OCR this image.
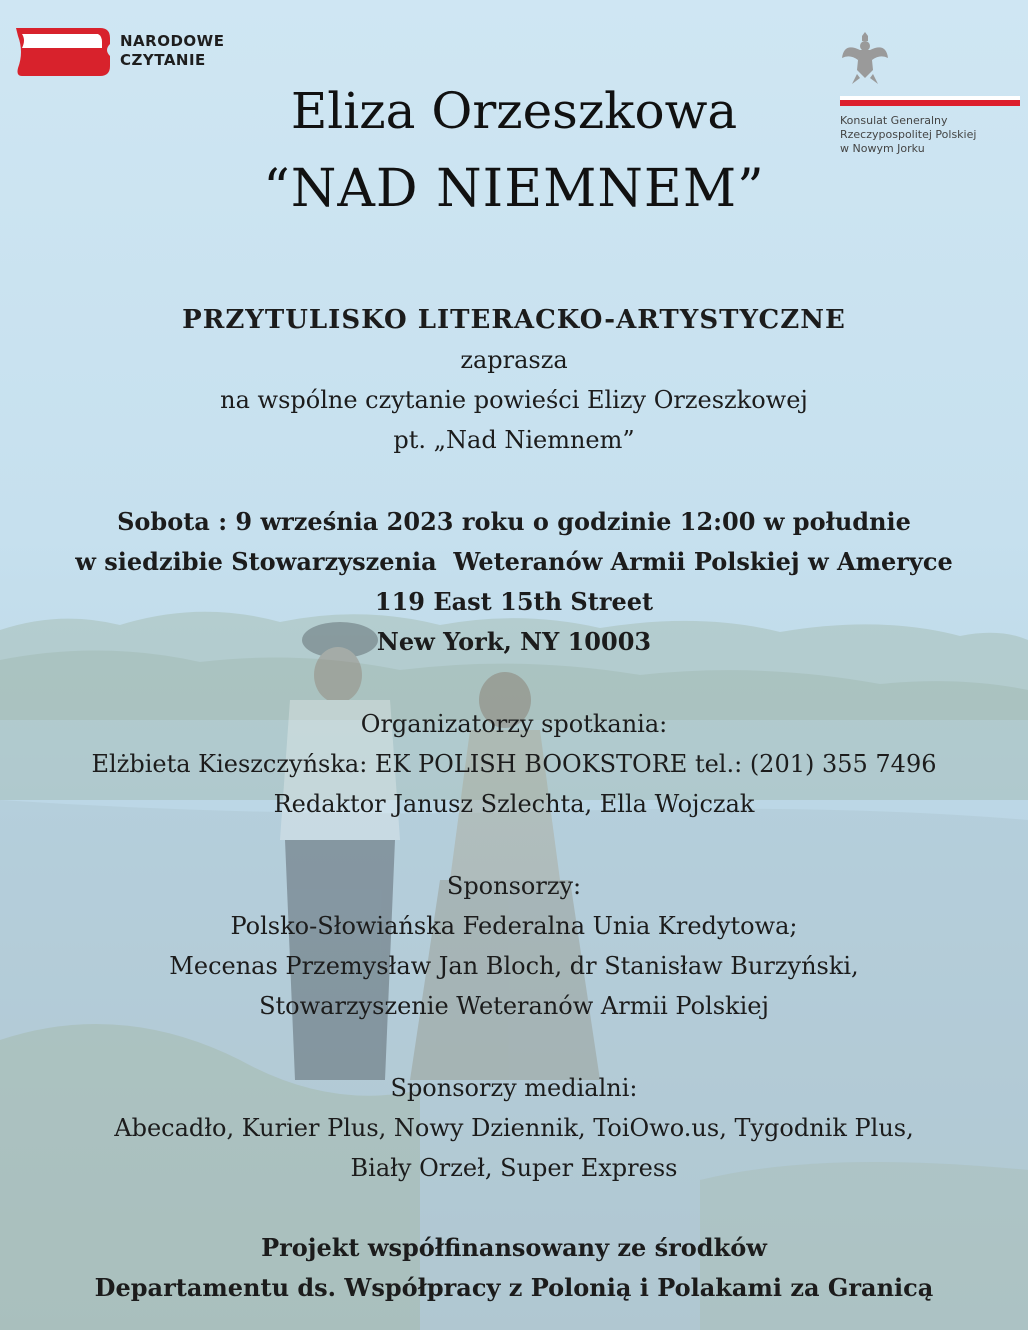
NARODOWE
CZYTANIE
Konsulat Generalny
Rzeczypospolitej Polskiej
w Nowym Jorku
Eliza Orzeszkowa
“NAD NIEMNEM”
PRZYTULISKO LITERACKO-ARTYSTYCZNE
zaprasza
na wspólne czytanie powieści Elizy Orzeszkowej
pt. „Nad Niemnem”
Sobota : 9 września 2023 roku o godzinie 12:00 w południe
w siedzibie Stowarzyszenia  Weteranów Armii Polskiej w Ameryce
119 East 15th Street
New York, NY 10003
Organizatorzy spotkania:
Elżbieta Kieszczyńska: EK POLISH BOOKSTORE tel.: (201) 355 7496
Redaktor Janusz Szlechta, Ella Wojczak
Sponsorzy:
Polsko-Słowiańska Federalna Unia Kredytowa;
Mecenas Przemysław Jan Bloch, dr Stanisław Burzyński,
Stowarzyszenie Weteranów Armii Polskiej
Sponsorzy medialni:
Abecadło, Kurier Plus, Nowy Dziennik, ToiOwo.us, Tygodnik Plus,
Biały Orzeł, Super Express
Projekt współfinansowany ze środków
Departamentu ds. Współpracy z Polonią i Polakami za Granicą
